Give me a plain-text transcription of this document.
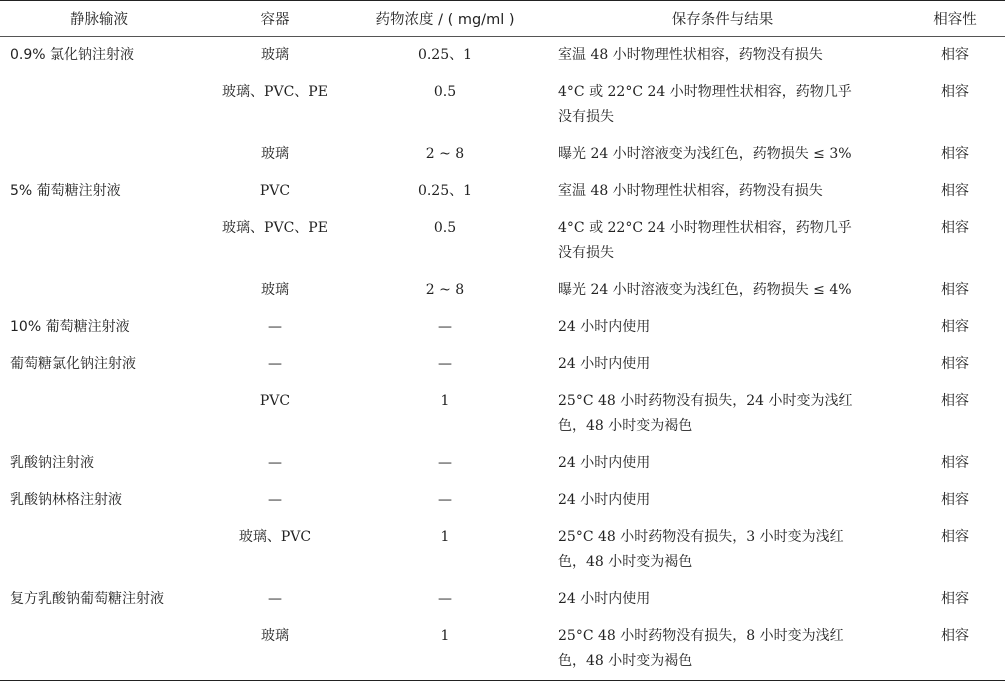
静脉输液	容器	药物浓度 / ( mg/ml )	保存条件与结果	相容性
0.9% 氯化钠注射液	玻璃	0.25、1	室温 48 小时物理性状相容，药物没有损失	相容
	玻璃、PVC、PE	0.5	4°C 或 22°C 24 小时物理性状相容，药物几乎没有损失	相容
	玻璃	2 ~ 8	曝光 24 小时溶液变为浅红色，药物损失 ≤ 3%	相容
5% 葡萄糖注射液	PVC	0.25、1	室温 48 小时物理性状相容，药物没有损失	相容
	玻璃、PVC、PE	0.5	4°C 或 22°C 24 小时物理性状相容，药物几乎没有损失	相容
	玻璃	2 ~ 8	曝光 24 小时溶液变为浅红色，药物损失 ≤ 4%	相容
10% 葡萄糖注射液	—	—	24 小时内使用	相容
葡萄糖氯化钠注射液	—	—	24 小时内使用	相容
	PVC	1	25°C 48 小时药物没有损失，24 小时变为浅红色，48 小时变为褐色	相容
乳酸钠注射液	—	—	24 小时内使用	相容
乳酸钠林格注射液	—	—	24 小时内使用	相容
	玻璃、PVC	1	25°C 48 小时药物没有损失，3 小时变为浅红色，48 小时变为褐色	相容
复方乳酸钠葡萄糖注射液	—	—	24 小时内使用	相容
	玻璃	1	25°C 48 小时药物没有损失，8 小时变为浅红色，48 小时变为褐色	相容
